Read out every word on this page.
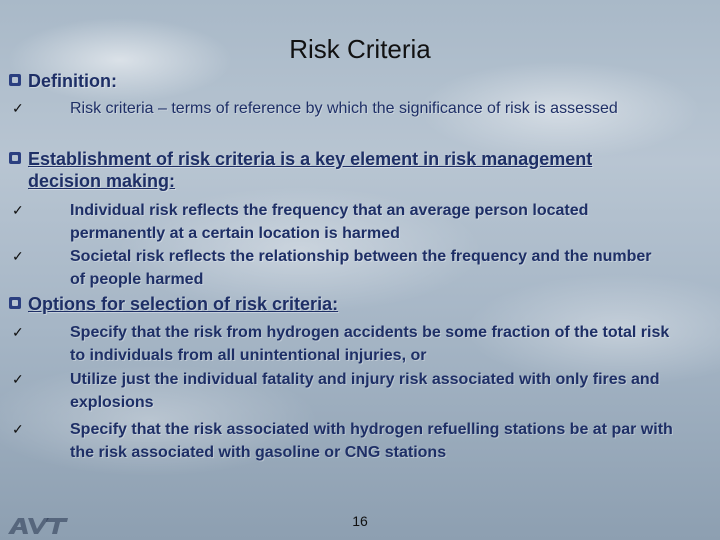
Risk Criteria
Definition:
✓	Risk criteria – terms of reference by which the significance of risk is assessed
Establishment of risk criteria is a key element in risk management decision making:
✓	Individual risk reflects the frequency that an average person located permanently at a certain location is harmed
✓	Societal risk reflects the relationship between the frequency and the number of people harmed
Options for selection of risk criteria:
✓	Specify that the risk from hydrogen accidents be some fraction of the total risk to individuals from all unintentional injuries, or
✓	Utilize just the individual fatality and injury risk associated with only fires and explosions
✓	Specify that the risk associated with hydrogen refuelling stations be at par with the risk associated with gasoline or CNG stations
16
